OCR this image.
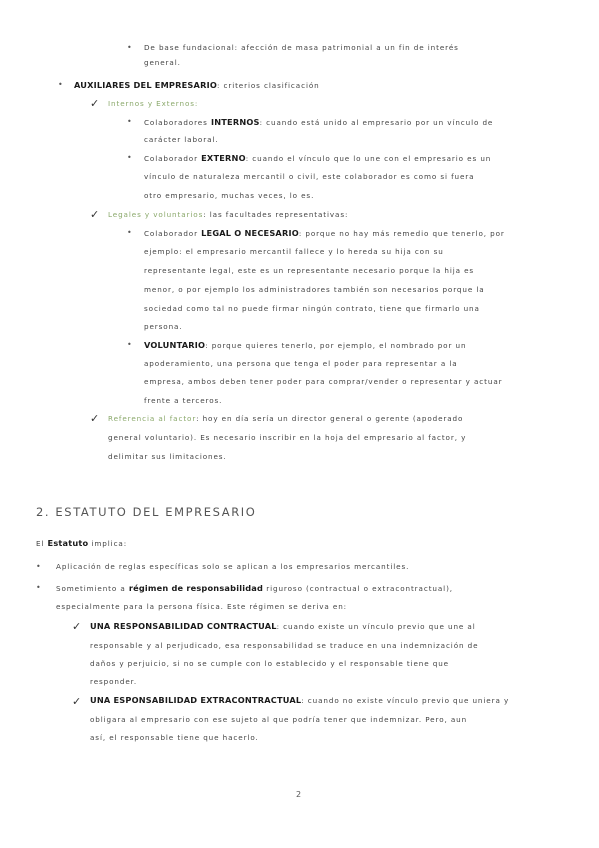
• De base fundacional: afección de masa patrimonial a un fin de interés
general.
• AUXILIARES DEL EMPRESARIO: criterios clasificación
✓ Internos y Externos:
• Colaboradores INTERNOS: cuando está unido al empresario por un vínculo de
carácter laboral.
• Colaborador EXTERNO: cuando el vínculo que lo une con el empresario es un
vínculo de naturaleza mercantil o civil, este colaborador es como si fuera
otro empresario, muchas veces, lo es.
✓ Legales y voluntarios: las facultades representativas:
• Colaborador LEGAL O NECESARIO: porque no hay más remedio que tenerlo, por
ejemplo: el empresario mercantil fallece y lo hereda su hija con su
representante legal, este es un representante necesario porque la hija es
menor, o por ejemplo los administradores también son necesarios porque la
sociedad como tal no puede firmar ningún contrato, tiene que firmarlo una
persona.
• VOLUNTARIO: porque quieres tenerlo, por ejemplo, el nombrado por un
apoderamiento, una persona que tenga el poder para representar a la
empresa, ambos deben tener poder para comprar/vender o representar y actuar
frente a terceros.
✓ Referencia al factor: hoy en día sería un director general o gerente (apoderado
general voluntario). Es necesario inscribir en la hoja del empresario al factor, y
delimitar sus limitaciones.
2. ESTATUTO DEL EMPRESARIO
El Estatuto implica:
• Aplicación de reglas específicas solo se aplican a los empresarios mercantiles.
• Sometimiento a régimen de responsabilidad riguroso (contractual o extracontractual),
especialmente para la persona física. Este régimen se deriva en:
✓ UNA RESPONSABILIDAD CONTRACTUAL: cuando existe un vínculo previo que une al
responsable y al perjudicado, esa responsabilidad se traduce en una indemnización de
daños y perjuicio, si no se cumple con lo establecido y el responsable tiene que
responder.
✓ UNA ESPONSABILIDAD EXTRACONTRACTUAL: cuando no existe vínculo previo que uniera y
obligara al empresario con ese sujeto al que podría tener que indemnizar. Pero, aun
así, el responsable tiene que hacerlo.
2
